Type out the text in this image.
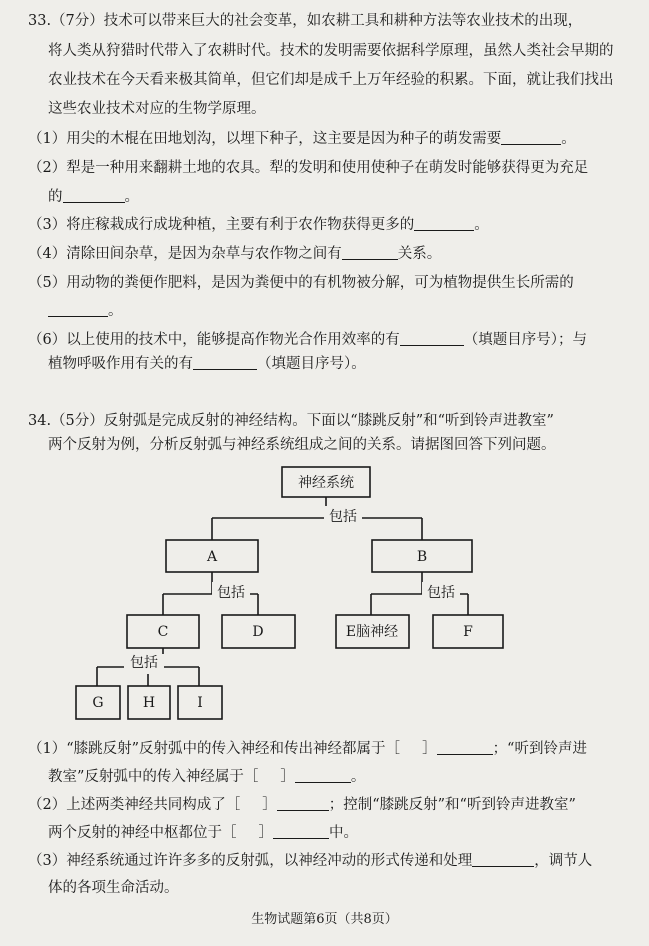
33.（7分）技术可以带来巨大的社会变革，如农耕工具和耕种方法等农业技术的出现，
将人类从狩猎时代带入了农耕时代。技术的发明需要依据科学原理，虽然人类社会早期的
农业技术在今天看来极其简单，但它们却是成千上万年经验的积累。下面，就让我们找出
这些农业技术对应的生物学原理。
（1）用尖的木棍在田地划沟，以埋下种子，这主要是因为种子的萌发需要	。
（2）犁是一种用来翻耕土地的农具。犁的发明和使用使种子在萌发时能够获得更为充足
的	。
（3）将庄稼栽成行成垅种植，主要有利于农作物获得更多的	。
（4）清除田间杂草，是因为杂草与农作物之间有	关系。
（5）用动物的粪便作肥料，是因为粪便中的有机物被分解，可为植物提供生长所需的
。
（6）以上使用的技术中，能够提高作物光合作用效率的有	（填题目序号）；与
植物呼吸作用有关的有	（填题目序号）。
34.（5分）反射弧是完成反射的神经结构。下面以“膝跳反射”和“听到铃声进教室”
两个反射为例，分析反射弧与神经系统组成之间的关系。请据图回答下列问题。
神经系统
包括
A	B
包括	包括
C	D	E脑神经	F
包括
G	H	I
（1）“膝跳反射”反射弧中的传入神经和传出神经都属于［ ］	；“听到铃声进
教室”反射弧中的传入神经属于［ ］	。
（2）上述两类神经共同构成了［ ］	；控制“膝跳反射”和“听到铃声进教室”
两个反射的神经中枢都位于［ ］	中。
（3）神经系统通过许许多多的反射弧，以神经冲动的形式传递和处理	，调节人
体的各项生命活动。
生物试题第6页（共8页）
